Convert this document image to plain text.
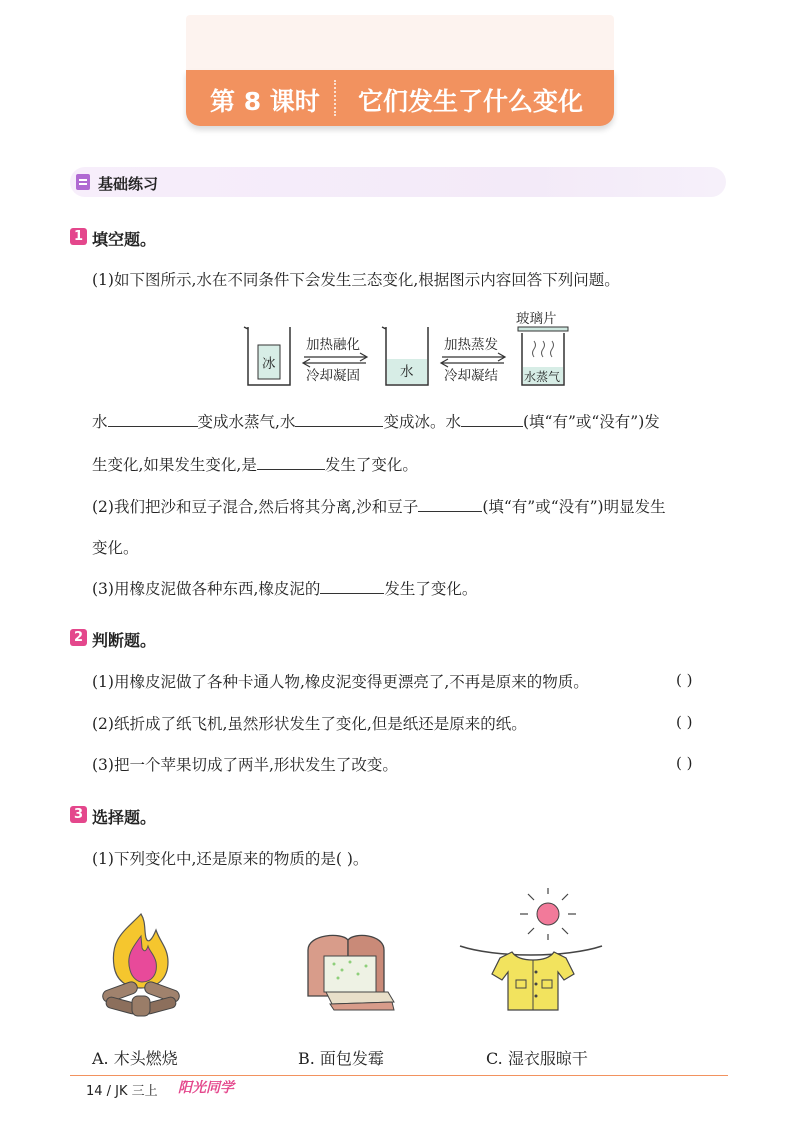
第 8 课时 它们发生了什么变化
基础练习
1 填空题。
(1)如下图所示,水在不同条件下会发生三态变化,根据图示内容回答下列问题。
冰
加热融化
冷却凝固	水
加热蒸发
冷却凝结
玻璃片
水蒸气
水	变成水蒸气,水	变成冰。水	(填“有”或“没有”)发
生变化,如果发生变化,是	发生了变化。
(2)我们把沙和豆子混合,然后将其分离,沙和豆子	(填“有”或“没有”)明显发生
变化。
(3)用橡皮泥做各种东西,橡皮泥的	发生了变化。
2 判断题。
(1)用橡皮泥做了各种卡通人物,橡皮泥变得更漂亮了,不再是原来的物质。	( )
(2)纸折成了纸飞机,虽然形状发生了变化,但是纸还是原来的纸。	( )
(3)把一个苹果切成了两半,形状发生了改变。	( )
3 选择题。
(1)下列变化中,还是原来的物质的是( )。
A. 木头燃烧	B. 面包发霉	C. 湿衣服晾干
14 / JK 三上 阳光同学
